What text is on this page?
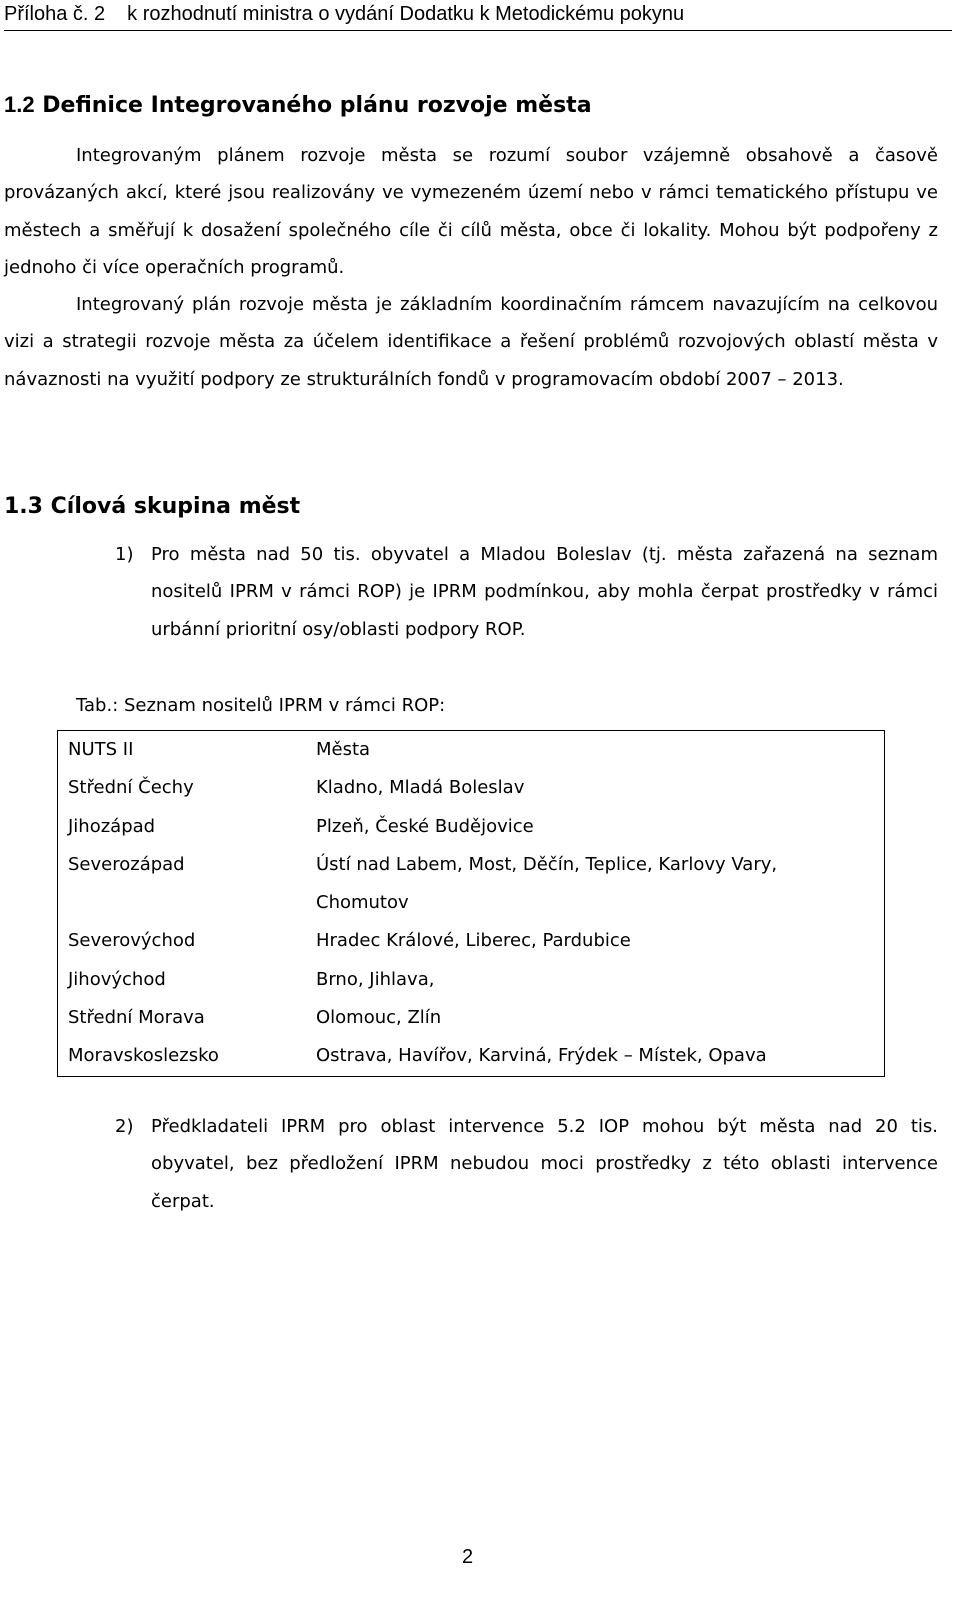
Příloha č. 2 k rozhodnutí ministra o vydání Dodatku k Metodickému pokynu
1.2 Definice Integrovaného plánu rozvoje města

Integrovaným plánem rozvoje města se rozumí soubor vzájemně obsahově a časově provázaných akcí, které jsou realizovány ve vymezeném území nebo v rámci tematického přístupu ve městech a směřují k dosažení společného cíle či cílů města, obce či lokality. Mohou být podpořeny z jednoho či více operačních programů.

Integrovaný plán rozvoje města je základním koordinačním rámcem navazujícím na celkovou vizi a strategii rozvoje města za účelem identifikace a řešení problémů rozvojových oblastí města v návaznosti na využití podpory ze strukturálních fondů v programovacím období 2007 – 2013.

1.3 Cílová skupina měst
1) Pro města nad 50 tis. obyvatel a Mladou Boleslav (tj. města zařazená na seznam nositelů IPRM v rámci ROP) je IPRM podmínkou, aby mohla čerpat prostředky v rámci urbánní prioritní osy/oblasti podpory ROP.

Tab.: Seznam nositelů IPRM v rámci ROP:

NUTS II	Města
Střední Čechy	Kladno, Mladá Boleslav
Jihozápad	Plzeň, České Budějovice
Severozápad	Ústí nad Labem, Most, Děčín, Teplice, Karlovy Vary, Chomutov
Severovýchod	Hradec Králové, Liberec, Pardubice
Jihovýchod	Brno, Jihlava,
Střední Morava	Olomouc, Zlín
Moravskoslezsko	Ostrava, Havířov, Karviná, Frýdek – Místek, Opava
2) Předkladateli IPRM pro oblast intervence 5.2 IOP mohou být města nad 20 tis. obyvatel, bez předložení IPRM nebudou moci prostředky z této oblasti intervence čerpat.
2
